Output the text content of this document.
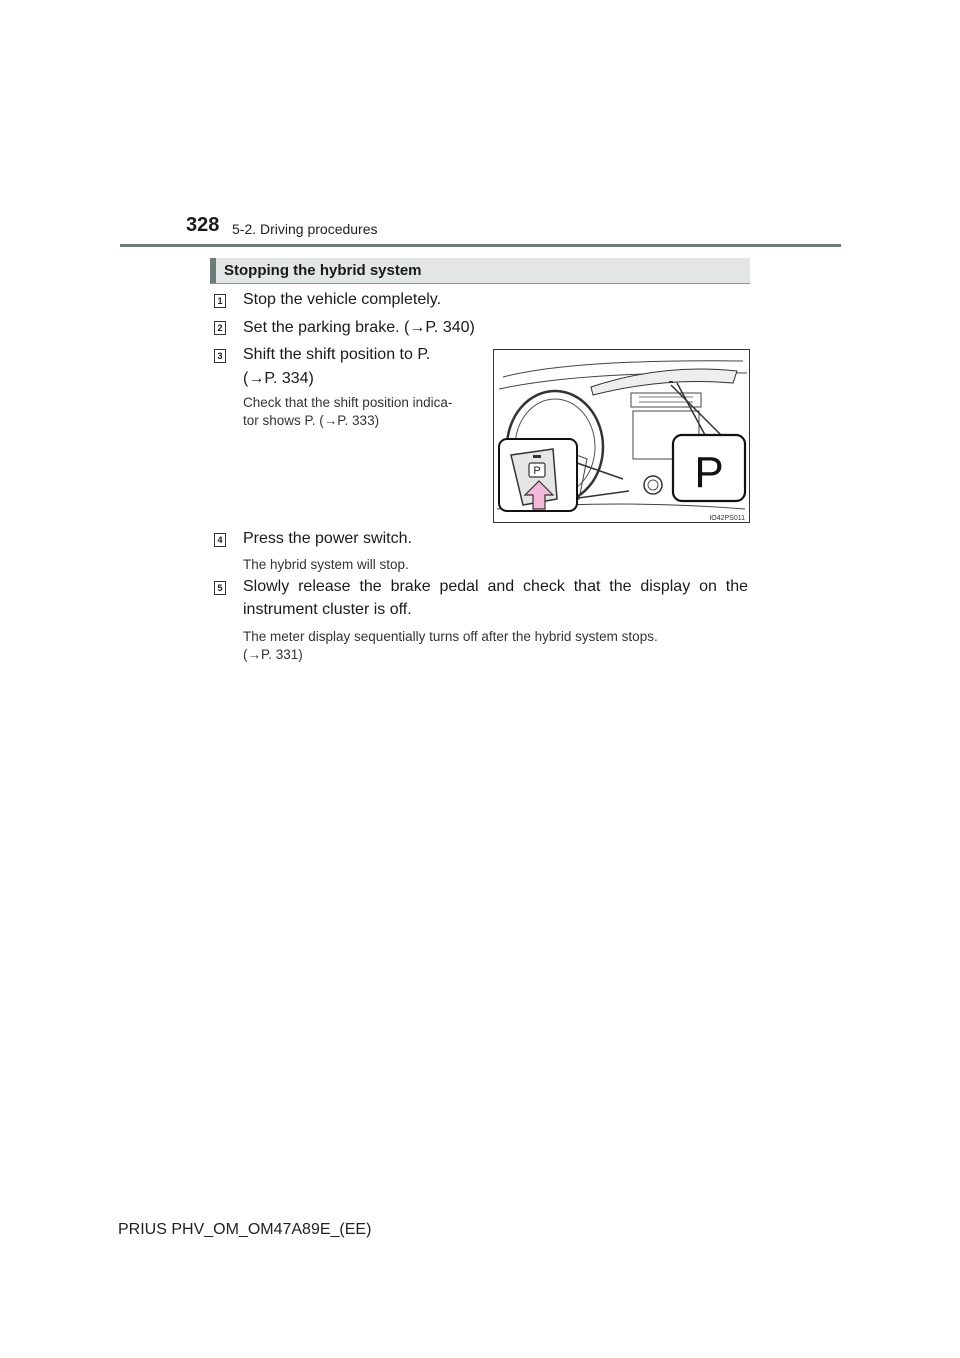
328 5-2. Driving procedures
Stopping the hybrid system
1 Stop the vehicle completely.
2 Set the parking brake. (→P. 340)
3 Shift the shift position to P.
(→P. 334)
Check that the shift position indica-
tor shows P. (→P. 333)
P	P
IO42PS011
4 Press the power switch.
The hybrid system will stop.
5 Slowly release the brake pedal and check that the display on the
instrument cluster is off.
The meter display sequentially turns off after the hybrid system stops.
(→P. 331)
PRIUS PHV_OM_OM47A89E_(EE)
